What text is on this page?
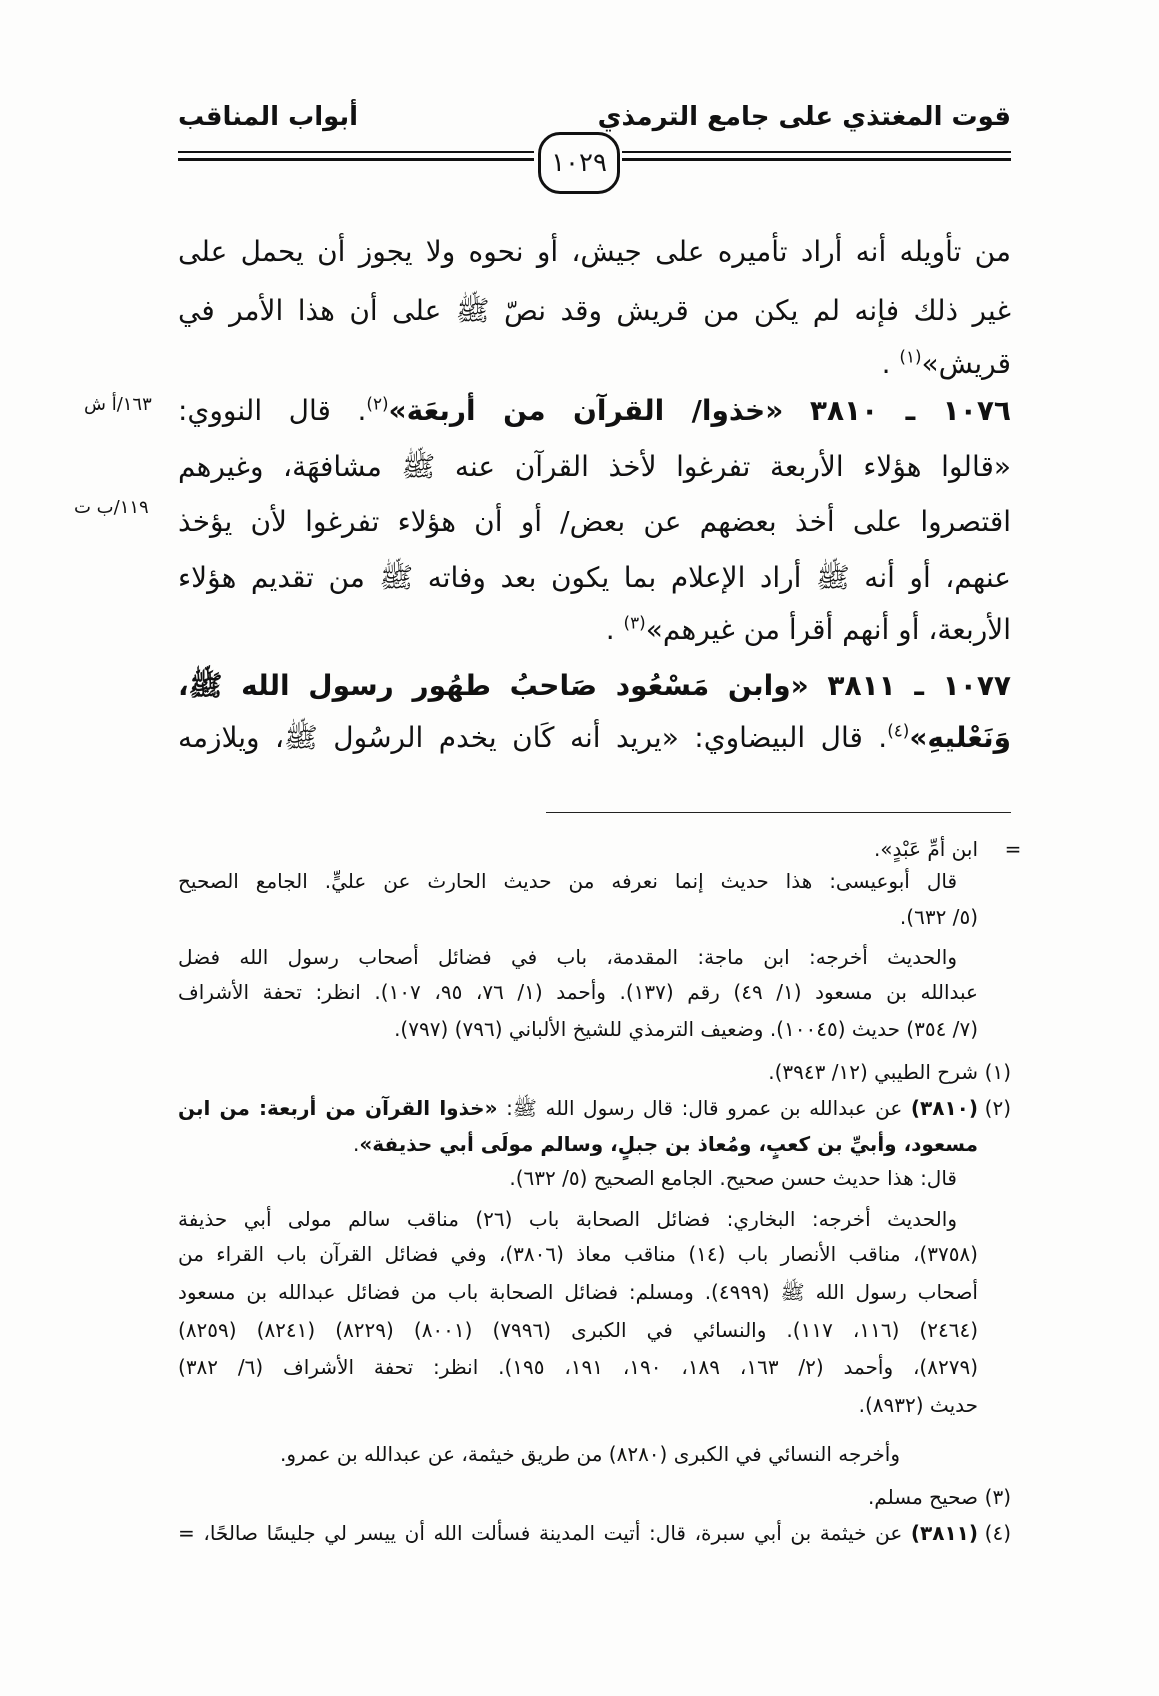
قوت المغتذي على جامع الترمذي
١٠٢٩
أبواب المناقب
من تأويله أنه أراد تأميره على جيش، أو نحوه ولا يجوز أن يحمل على
غير ذلك فإنه لم يكن من قريش وقد نصّ ﷺ على أن هذا الأمر في
قريش»$^{(١)}$ .
١٠٧٦ ـ ٣٨١٠ «خذوا/ القرآن من أربعَة»$^{(٢)}$. قال النووي:
«قالوا هؤلاء الأربعة تفرغوا لأخذ القرآن عنه ﷺ مشافهَة، وغيرهم
اقتصروا على أخذ بعضهم عن بعض/ أو أن هؤلاء تفرغوا لأن يؤخذ
عنهم، أو أنه ﷺ أراد الإعلام بما يكون بعد وفاته ﷺ من تقديم هؤلاء
الأربعة، أو أنهم أقرأ من غيرهم»$^{(٣)}$ .
١٠٧٧ ـ ٣٨١١ «وابن مَسْعُود صَاحبُ طهُور رسول الله ﷺ،
وَنَعْليهِ»$^{(٤)}$. قال البيضاوي: «يريد أنه كَان يخدم الرسُول ﷺ، ويلازمه
١٦٣/أ ش
١١٩/ب ت
=
ابن أمِّ عَبْدٍ».
قال أبوعيسى: هذا حديث إنما نعرفه من حديث الحارث عن عليٍّ. الجامع الصحيح
(٥/ ٦٣٢).
والحديث أخرجه: ابن ماجة: المقدمة، باب في فضائل أصحاب رسول الله فضل
عبدالله بن مسعود (١/ ٤٩) رقم (١٣٧). وأحمد (١/ ٧٦، ٩٥، ١٠٧). انظر: تحفة الأشراف
(٧/ ٣٥٤) حديث (١٠٠٤٥). وضعيف الترمذي للشيخ الألباني (٧٩٦) (٧٩٧).
(١)
شرح الطيبي (١٢/ ٣٩٤٣).
(٢)
(٣٨١٠) عن عبدالله بن عمرو قال: قال رسول الله ﷺ: «خذوا القرآن من أربعة: من ابن
مسعود، وأبيِّ بن كعبٍ، ومُعاذ بن جبلٍ، وسالم مولَى أبي حذيفة».
قال: هذا حديث حسن صحيح. الجامع الصحيح (٥/ ٦٣٢).
والحديث أخرجه: البخاري: فضائل الصحابة باب (٢٦) مناقب سالم مولى أبي حذيفة
(٣٧٥٨)، مناقب الأنصار باب (١٤) مناقب معاذ (٣٨٠٦)، وفي فضائل القرآن باب القراء من
أصحاب رسول الله ﷺ (٤٩٩٩). ومسلم: فضائل الصحابة باب من فضائل عبدالله بن مسعود
(٢٤٦٤) (١١٦، ١١٧). والنسائي في الكبرى (٧٩٩٦) (٨٠٠١) (٨٢٢٩) (٨٢٤١) (٨٢٥٩)
(٨٢٧٩)، وأحمد (٢/ ١٦٣، ١٨٩، ١٩٠، ١٩١، ١٩٥). انظر: تحفة الأشراف (٦/ ٣٨٢)
حديث (٨٩٣٢).
وأخرجه النسائي في الكبرى (٨٢٨٠) من طريق خيثمة، عن عبدالله بن عمرو.
(٣)
صحيح مسلم.
(٤)
(٣٨١١) عن خيثمة بن أبي سبرة، قال: أتيت المدينة فسألت الله أن ييسر لي جليسًا صالحًا، =
